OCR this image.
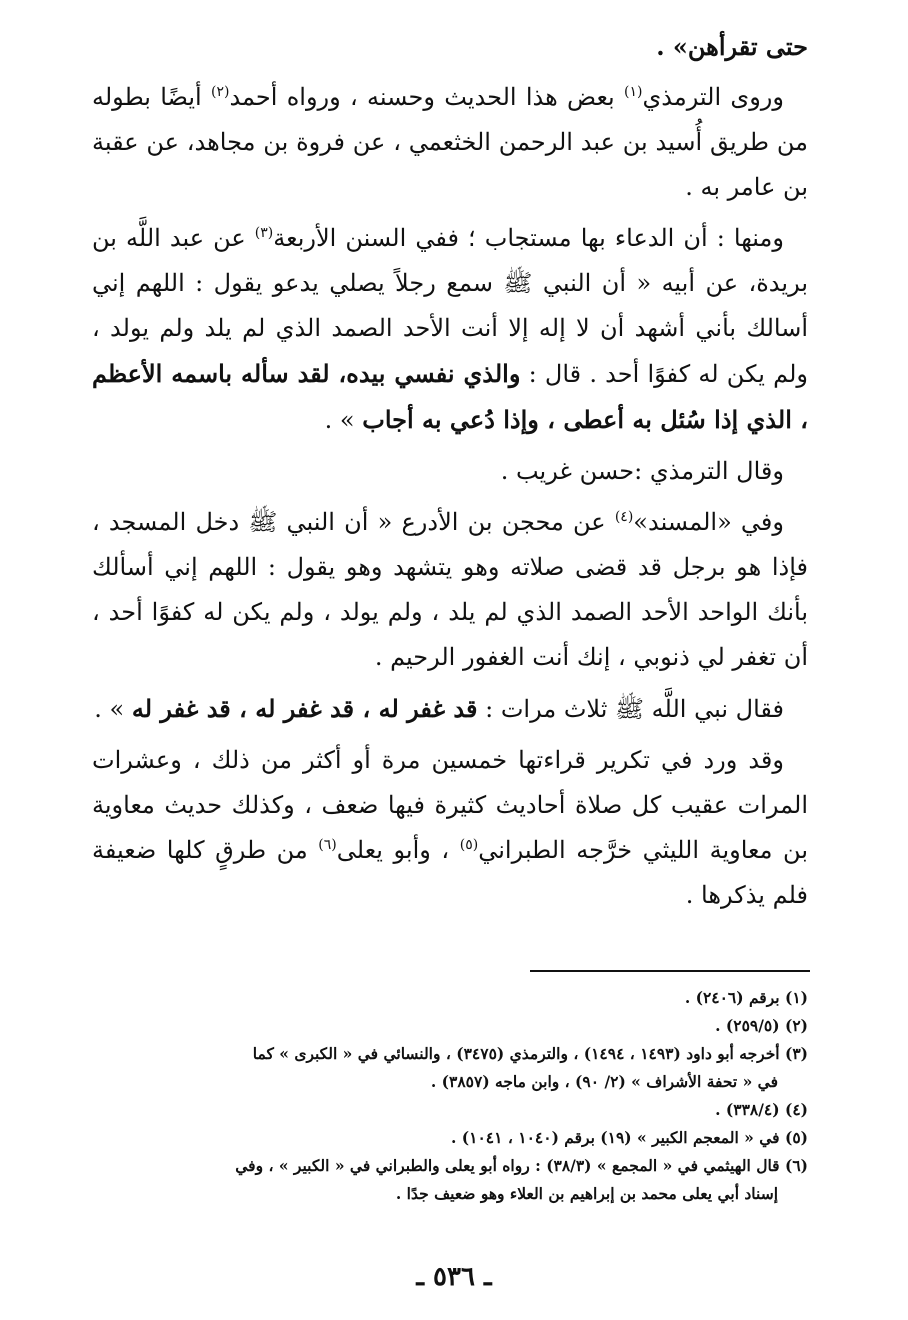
حتى تقرأهن» .

وروى الترمذي$^{(١)}$ بعض هذا الحديث وحسنه ، ورواه أحمد$^{(٢)}$ أيضًا بطوله من طريق أُسيد بن عبد الرحمن الخثعمي ، عن فروة بن مجاهد، عن عقبة بن عامر به .

ومنها : أن الدعاء بها مستجاب ؛ ففي السنن الأربعة$^{(٣)}$ عن عبد اللَّه بن بريدة، عن أبيه « أن النبي ﷺ سمع رجلاً يصلي يدعو يقول : اللهم إني أسالك بأني أشهد أن لا إله إلا أنت الأحد الصمد الذي لم يلد ولم يولد ، ولم يكن له كفوًا أحد . قال : والذي نفسي بيده، لقد سأله باسمه الأعظم ، الذي إذا سُئل به أعطى ، وإذا دُعي به أجاب » .

وقال الترمذي :حسن غريب .

وفي «المسند»$^{(٤)}$ عن محجن بن الأدرع « أن النبي ﷺ دخل المسجد ، فإذا هو برجل قد قضى صلاته وهو يتشهد وهو يقول : اللهم إني أسألك بأنك الواحد الأحد الصمد الذي لم يلد ، ولم يولد ، ولم يكن له كفوًا أحد ، أن تغفر لي ذنوبي ، إنك أنت الغفور الرحيم .

فقال نبي اللَّه ﷺ ثلاث مرات : قد غفر له ، قد غفر له ، قد غفر له » .

وقد ورد في تكرير قراءتها خمسين مرة أو أكثر من ذلك ، وعشرات المرات عقيب كل صلاة أحاديث كثيرة فيها ضعف ، وكذلك حديث معاوية بن معاوية الليثي خرَّجه الطبراني$^{(٥)}$ ، وأبو يعلى$^{(٦)}$ من طرقٍ كلها ضعيفة فلم يذكرها .

(١) برقم (٢٤٠٦) .

(٢) (٢٥٩/٥) .

(٣) أخرجه أبو داود (١٤٩٣ ، ١٤٩٤) ، والترمذي (٣٤٧٥) ، والنسائي في « الكبرى » كما
في « تحفة الأشراف » (٢/ ٩٠) ، وابن ماجه (٣٨٥٧) .

(٤) (٣٣٨/٤) .

(٥) في « المعجم الكبير » (١٩) برقم (١٠٤٠ ، ١٠٤١) .

(٦) قال الهيثمي في « المجمع » (٣٨/٣) : رواه أبو يعلى والطبراني في « الكبير » ، وفي
إسناد أبي يعلى محمد بن إبراهيم بن العلاء وهو ضعيف جدًا .

ـ ٥٣٦ ـ
